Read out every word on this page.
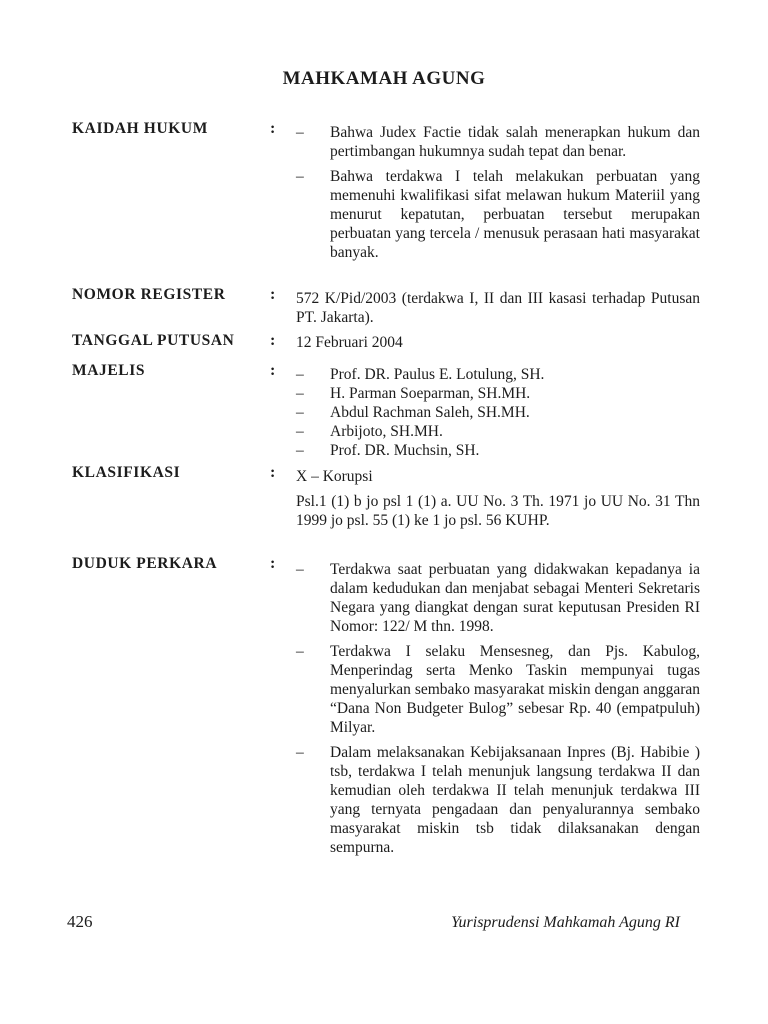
MAHKAMAH AGUNG
KAIDAH HUKUM	: – Bahwa Judex Factie tidak salah menerapkan hukum dan pertimbangan hukumnya sudah tepat dan benar.
– Bahwa terdakwa I telah melakukan perbuatan yang memenuhi kwalifikasi sifat melawan hukum Materiil yang menurut kepatutan, perbuatan tersebut merupakan perbuatan yang tercela / menusuk perasaan hati masyarakat banyak.
NOMOR REGISTER	: 572 K/Pid/2003 (terdakwa I, II dan III kasasi terhadap Putusan PT. Jakarta).
TANGGAL PUTUSAN	: 12 Februari 2004
MAJELIS	: – Prof. DR. Paulus E. Lotulung, SH.
– H. Parman Soeparman, SH.MH.
– Abdul Rachman Saleh, SH.MH.
– Arbijoto, SH.MH.
– Prof. DR. Muchsin, SH.
KLASIFIKASI	: X – Korupsi
Psl.1 (1) b jo psl 1 (1) a. UU No. 3 Th. 1971 jo UU No. 31 Thn 1999 jo psl. 55 (1) ke 1 jo psl. 56 KUHP.
DUDUK PERKARA	: – Terdakwa saat perbuatan yang didakwakan kepadanya ia dalam kedudukan dan menjabat sebagai Menteri Sekretaris Negara yang diangkat dengan surat keputusan Presiden RI Nomor: 122/ M thn. 1998.
– Terdakwa I selaku Mensesneg, dan Pjs. Kabulog, Menperindag serta Menko Taskin mempunyai tugas menyalurkan sembako masyarakat miskin dengan anggaran “Dana Non Budgeter Bulog” sebesar Rp. 40 (empatpuluh) Milyar.
– Dalam melaksanakan Kebijaksanaan Inpres (Bj. Habibie ) tsb, terdakwa I telah menunjuk langsung terdakwa II dan kemudian oleh terdakwa II telah menunjuk terdakwa III yang ternyata pengadaan dan penyalurannya sembako masyarakat miskin tsb tidak dilaksanakan dengan sempurna.
426	Yurisprudensi Mahkamah Agung RI
